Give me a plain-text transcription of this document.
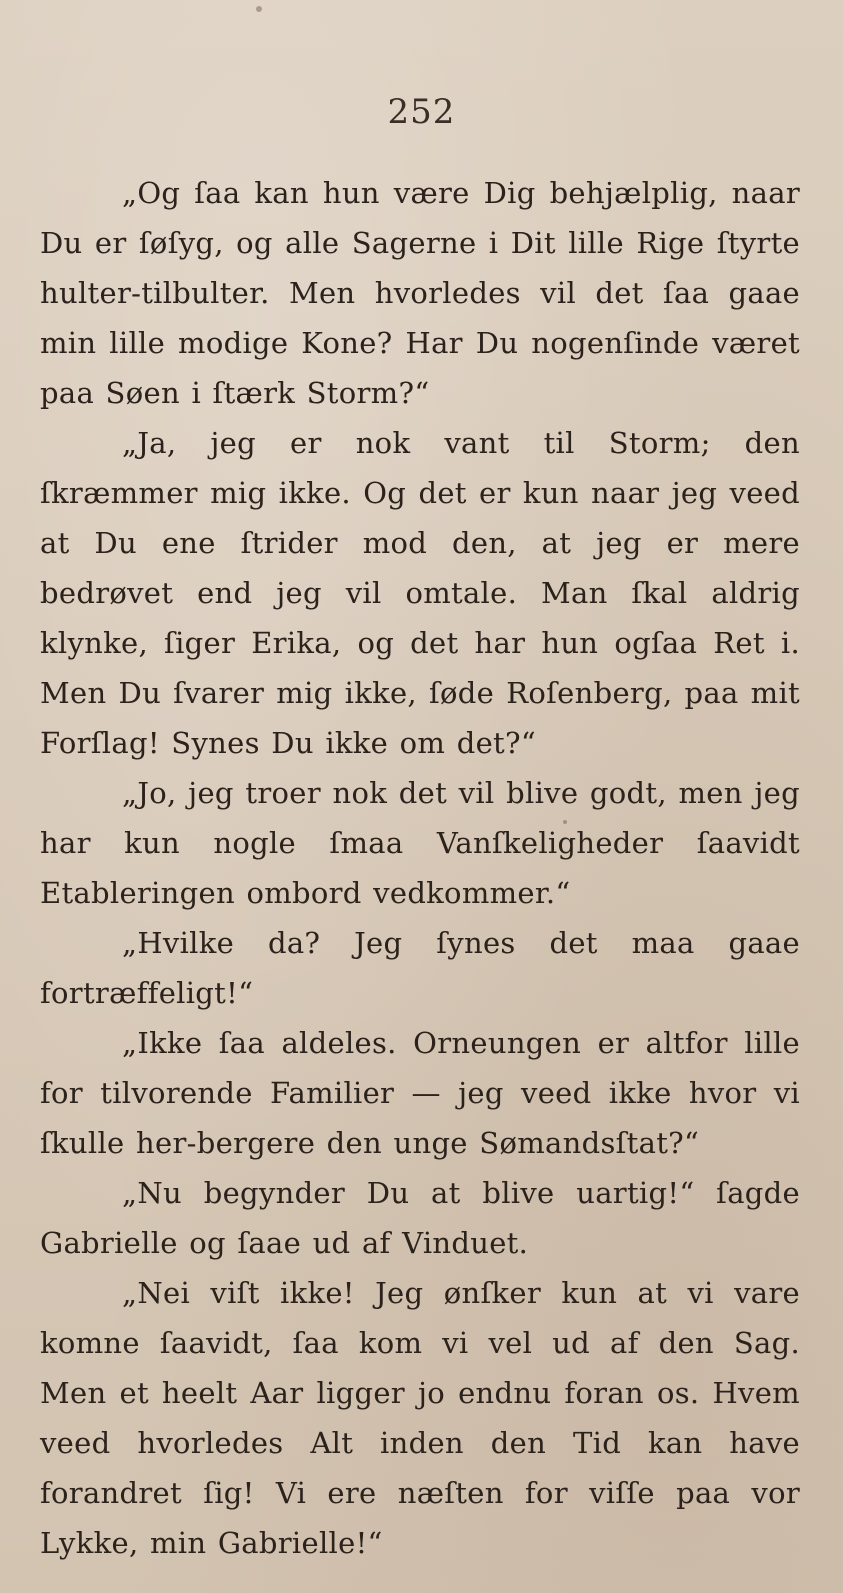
252

„Og ſaa kan hun være Dig behjælplig, naar Du er ſøſyg, og alle Sagerne i Dit lille Rige ſtyrte hulter-tilbulter. Men hvorledes vil det ſaa gaae min lille modige Kone? Har Du nogenſinde været paa Søen i ſtærk Storm?“

„Ja, jeg er nok vant til Storm; den ſkræmmer mig ikke. Og det er kun naar jeg veed at Du ene ſtrider mod den, at jeg er mere bedrøvet end jeg vil omtale. Man ſkal aldrig klynke, ſiger Erika, og det har hun ogſaa Ret i. Men Du ſvarer mig ikke, ſøde Roſenberg, paa mit Forſlag! Synes Du ikke om det?“

„Jo, jeg troer nok det vil blive godt, men jeg har kun nogle ſmaa Vanſkeligheder ſaavidt Etableringen ombord vedkommer.“

„Hvilke da? Jeg ſynes det maa gaae fortræffeligt!“

„Ikke ſaa aldeles. Orneungen er altfor lille for tilvorende Familier — jeg veed ikke hvor vi ſkulle her-bergere den unge Sømandsſtat?“

„Nu begynder Du at blive uartig!“ ſagde Gabrielle og ſaae ud af Vinduet.

„Nei viſt ikke! Jeg ønſker kun at vi vare komne ſaavidt, ſaa kom vi vel ud af den Sag. Men et heelt Aar ligger jo endnu foran os. Hvem veed hvorledes Alt inden den Tid kan have forandret ſig! Vi ere næſten for viſſe paa vor Lykke, min Gabrielle!“
